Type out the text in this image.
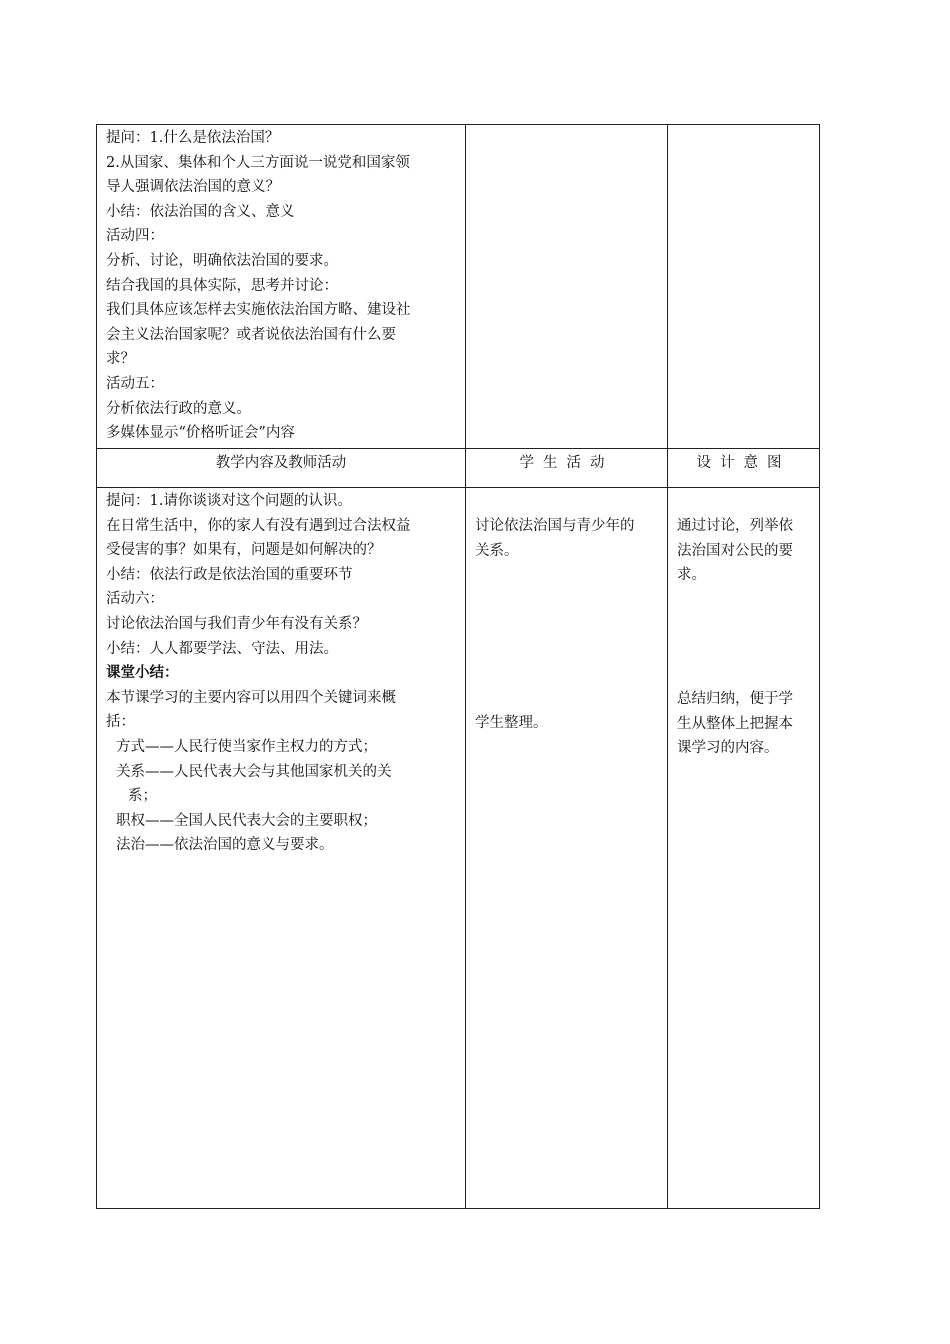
提问：1.什么是依法治国？
2.从国家、集体和个人三方面说一说党和国家领
导人强调依法治国的意义？
小结：依法治国的含义、意义
活动四：
分析、讨论，明确依法治国的要求。
结合我国的具体实际，思考并讨论：
我们具体应该怎样去实施依法治国方略、建设社
会主义法治国家呢？或者说依法治国有什么要
求？
活动五：
分析依法行政的意义。
多媒体显示“价格听证会”内容
教学内容及教师活动	学生活动	设计意图
提问：1.请你谈谈对这个问题的认识。
在日常生活中，你的家人有没有遇到过合法权益
受侵害的事？如果有，问题是如何解决的？
小结：依法行政是依法治国的重要环节
活动六：
讨论依法治国与我们青少年有没有关系？
小结：人人都要学法、守法、用法。
课堂小结：
本节课学习的主要内容可以用四个关键词来概
括：
方式——人民行使当家作主权力的方式；
关系——人民代表大会与其他国家机关的关
系；
职权——全国人民代表大会的主要职权；
法治——依法治国的意义与要求。
讨论依法治国与青少年的
关系。
学生整理。
通过讨论，列举依
法治国对公民的要
求。
总结归纳，便于学
生从整体上把握本
课学习的内容。
